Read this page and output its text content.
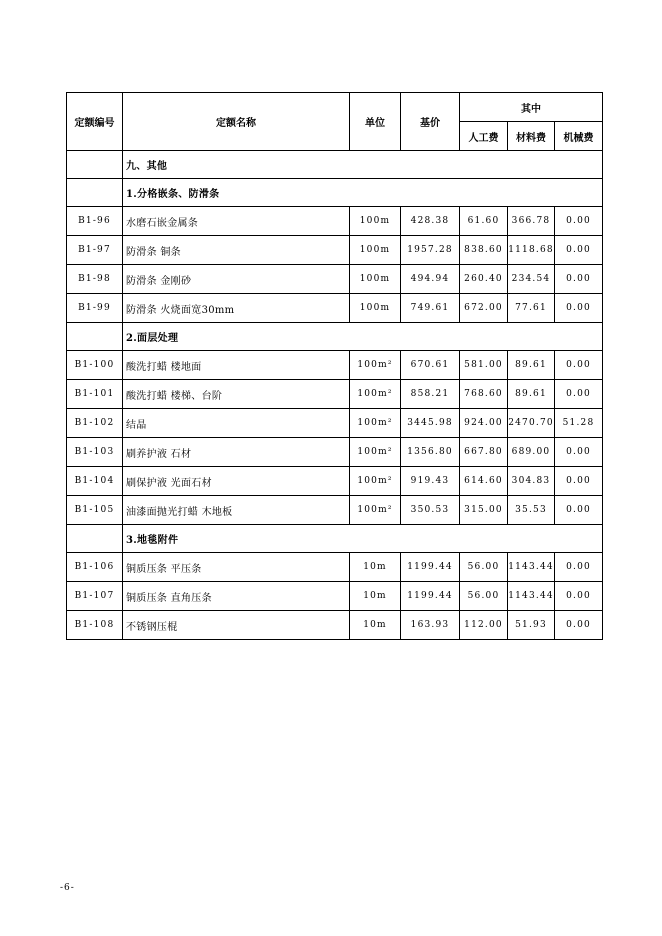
定额编号	定额名称	单位	基价	其中		
				人工费	材料费	机械费
	九、其他					
	1.分格嵌条、防滑条					
B1-96	水磨石嵌金属条	100m	428.38	61.60	366.78	0.00
B1-97	防滑条 铜条	100m	1957.28	838.60	1118.68	0.00
B1-98	防滑条 金刚砂	100m	494.94	260.40	234.54	0.00
B1-99	防滑条 火烧面宽30mm	100m	749.61	672.00	77.61	0.00
	2.面层处理					
B1-100	酸洗打蜡 楼地面	100m²	670.61	581.00	89.61	0.00
B1-101	酸洗打蜡 楼梯、台阶	100m²	858.21	768.60	89.61	0.00
B1-102	结晶	100m²	3445.98	924.00	2470.70	51.28
B1-103	刷养护液 石材	100m²	1356.80	667.80	689.00	0.00
B1-104	刷保护液 光面石材	100m²	919.43	614.60	304.83	0.00
B1-105	油漆面抛光打蜡 木地板	100m²	350.53	315.00	35.53	0.00
	3.地毯附件					
B1-106	铜质压条 平压条	10m	1199.44	56.00	1143.44	0.00
B1-107	铜质压条 直角压条	10m	1199.44	56.00	1143.44	0.00
B1-108	不锈钢压棍	10m	163.93	112.00	51.93	0.00
-6-
